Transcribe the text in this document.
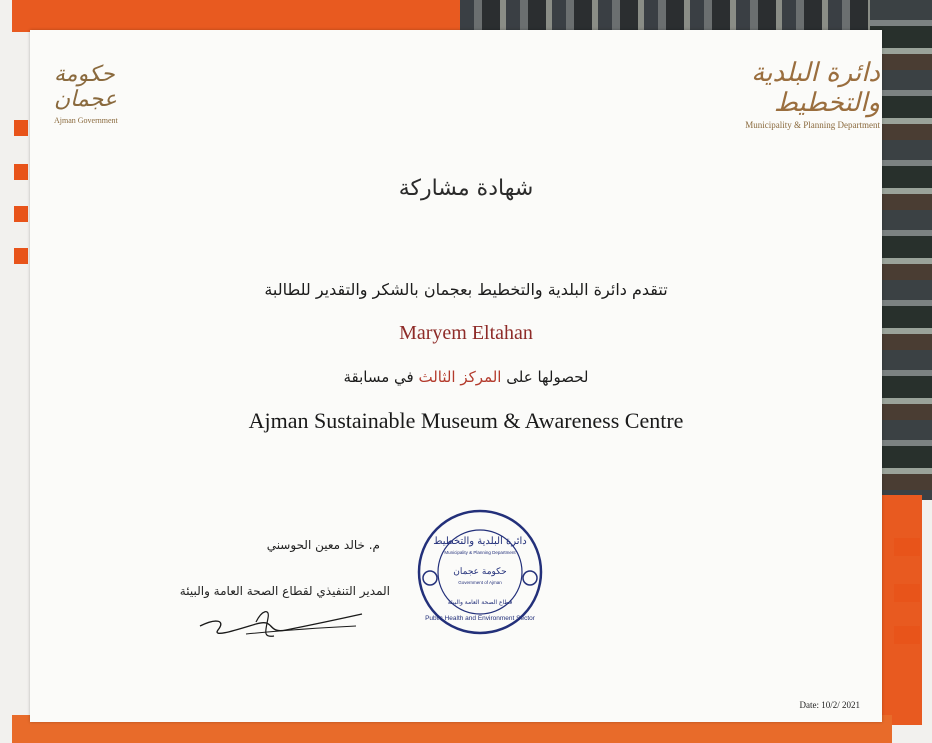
حكومة عجمان
Ajman Government
دائرة البلدية والتخطيط
Municipality & Planning Department
شهادة مشاركة
تتقدم دائرة البلدية والتخطيط بعجمان بالشكر والتقدير للطالبة
Maryem Eltahan
لحصولها على المركز الثالث في مسابقة
Ajman Sustainable Museum & Awareness Centre
م. خالد معين الحوسني
المدير التنفيذي لقطاع الصحة العامة والبيئة
دائرة البلدية والتخطيط
Municipality & Planning Department
حكومة عجمان
Government of Ajman
قطاع الصحة العامة والبيئة
Public Health and Environment Sector
Date: 10/2/ 2021
